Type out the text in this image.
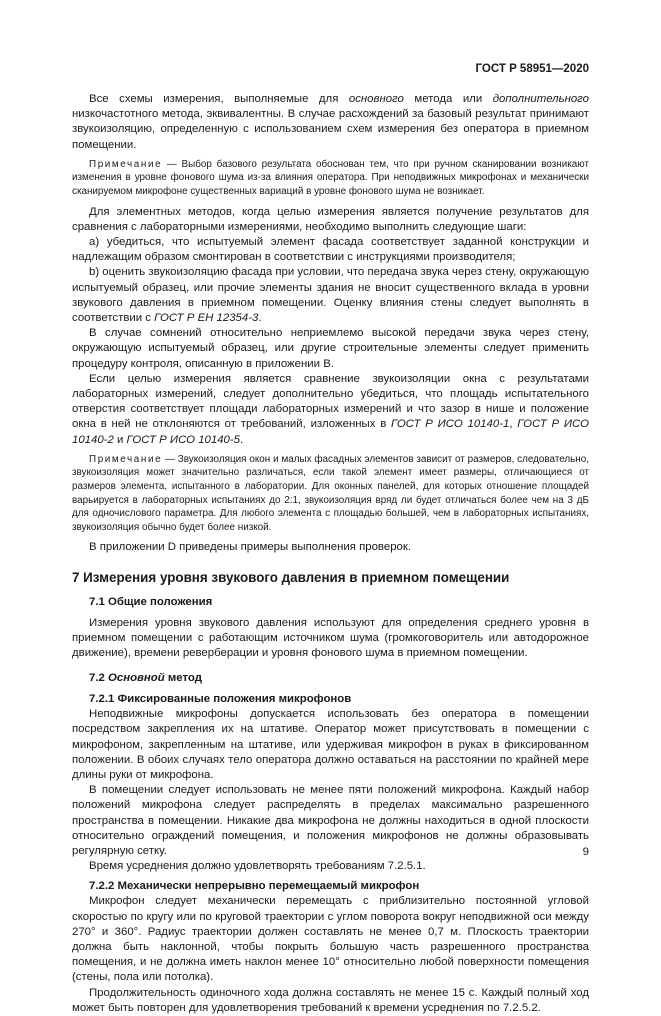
ГОСТ Р 58951—2020

Все схемы измерения, выполняемые для основного метода или дополнительного низкочастотного метода, эквивалентны. В случае расхождений за базовый результат принимают звукоизоляцию, определенную с использованием схем измерения без оператора в приемном помещении.

Примечание — Выбор базового результата обоснован тем, что при ручном сканировании возникают изменения в уровне фонового шума из-за влияния оператора. При неподвижных микрофонах и механически сканируемом микрофоне существенных вариаций в уровне фонового шума не возникает.

Для элементных методов, когда целью измерения является получение результатов для сравнения с лабораторными измерениями, необходимо выполнить следующие шаги:

a) убедиться, что испытуемый элемент фасада соответствует заданной конструкции и надлежащим образом смонтирован в соответствии с инструкциями производителя;

b) оценить звукоизоляцию фасада при условии, что передача звука через стену, окружающую испытуемый образец, или прочие элементы здания не вносит существенного вклада в уровни звукового давления в приемном помещении. Оценку влияния стены следует выполнять в соответствии с ГОСТ Р ЕН 12354-3.

В случае сомнений относительно неприемлемо высокой передачи звука через стену, окружающую испытуемый образец, или другие строительные элементы следует применить процедуру контроля, описанную в приложении В.

Если целью измерения является сравнение звукоизоляции окна с результатами лабораторных измерений, следует дополнительно убедиться, что площадь испытательного отверстия соответствует площади лабораторных измерений и что зазор в нише и положение окна в ней не отклоняются от требований, изложенных в ГОСТ Р ИСО 10140-1, ГОСТ Р ИСО 10140-2 и ГОСТ Р ИСО 10140-5.

Примечание — Звукоизоляция окон и малых фасадных элементов зависит от размеров, следовательно, звукоизоляция может значительно различаться, если такой элемент имеет размеры, отличающиеся от размеров элемента, испытанного в лаборатории. Для оконных панелей, для которых отношение площадей варьируется в лабораторных испытаниях до 2:1, звукоизоляция вряд ли будет отличаться более чем на 3 дБ для одночислового параметра. Для любого элемента с площадью большей, чем в лабораторных испытаниях, звукоизоляция обычно будет более низкой.

В приложении D приведены примеры выполнения проверок.

7 Измерения уровня звукового давления в приемном помещении
7.1 Общие положения

Измерения уровня звукового давления используют для определения среднего уровня в приемном помещении с работающим источником шума (громкоговоритель или автодорожное движение), времени реверберации и уровня фонового шума в приемном помещении.

7.2 Основной метод
7.2.1 Фиксированные положения микрофонов

Неподвижные микрофоны допускается использовать без оператора в помещении посредством закрепления их на штативе. Оператор может присутствовать в помещении с микрофоном, закрепленным на штативе, или удерживая микрофон в руках в фиксированном положении. В обоих случаях тело оператора должно оставаться на расстоянии по крайней мере длины руки от микрофона.

В помещении следует использовать не менее пяти положений микрофона. Каждый набор положений микрофона следует распределять в пределах максимально разрешенного пространства в помещении. Никакие два микрофона не должны находиться в одной плоскости относительно ограждений помещения, и положения микрофонов не должны образовывать регулярную сетку.

Время усреднения должно удовлетворять требованиям 7.2.5.1.

7.2.2 Механически непрерывно перемещаемый микрофон

Микрофон следует механически перемещать с приблизительно постоянной угловой скоростью по кругу или по круговой траектории с углом поворота вокруг неподвижной оси между 270° и 360°. Радиус траектории должен составлять не менее 0,7 м. Плоскость траектории должна быть наклонной, чтобы покрыть большую часть разрешенного пространства помещения, и не должна иметь наклон менее 10° относительно любой поверхности помещения (стены, пола или потолка).

Продолжительность одиночного хода должна составлять не менее 15 с. Каждый полный ход может быть повторен для удовлетворения требований к времени усреднения по 7.2.5.2.

9
